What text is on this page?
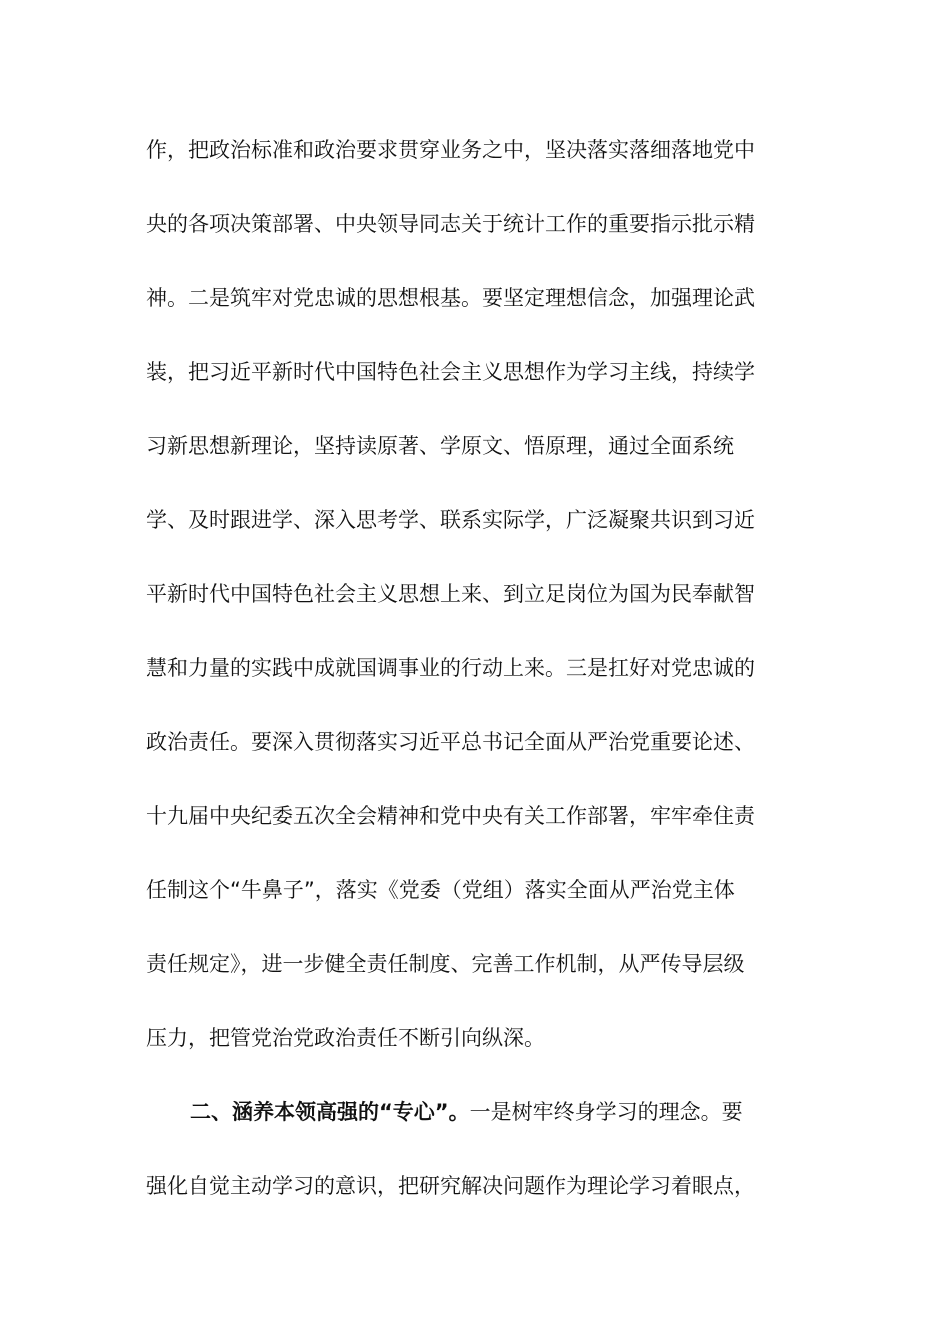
作，把政治标准和政治要求贯穿业务之中，坚决落实落细落地党中
央的各项决策部署、中央领导同志关于统计工作的重要指示批示精
神。二是筑牢对党忠诚的思想根基。要坚定理想信念，加强理论武
装，把习近平新时代中国特色社会主义思想作为学习主线，持续学
习新思想新理论，坚持读原著、学原文、悟原理，通过全面系统
学、及时跟进学、深入思考学、联系实际学，广泛凝聚共识到习近
平新时代中国特色社会主义思想上来、到立足岗位为国为民奉献智
慧和力量的实践中成就国调事业的行动上来。三是扛好对党忠诚的
政治责任。要深入贯彻落实习近平总书记全面从严治党重要论述、
十九届中央纪委五次全会精神和党中央有关工作部署，牢牢牵住责
任制这个“牛鼻子”，落实《党委（党组）落实全面从严治党主体
责任规定》，进一步健全责任制度、完善工作机制，从严传导层级
压力，把管党治党政治责任不断引向纵深。
二、涵养本领高强的“专心”。一是树牢终身学习的理念。要
强化自觉主动学习的意识，把研究解决问题作为理论学习着眼点，
